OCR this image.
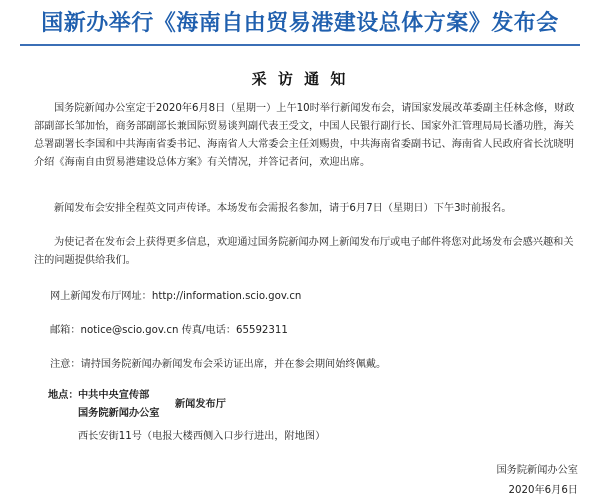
国新办举行《海南自由贸易港建设总体方案》发布会
采 访 通 知

国务院新闻办公室定于2020年6月8日（星期一）上午10时举行新闻发布会，请国家发展改革委副主任林念修，财政部副部长邹加怡，商务部副部长兼国际贸易谈判副代表王受文，中国人民银行副行长、国家外汇管理局局长潘功胜，海关总署副署长李国和中共海南省委书记、海南省人大常委会主任刘赐贵，中共海南省委副书记、海南省人民政府省长沈晓明介绍《海南自由贸易港建设总体方案》有关情况，并答记者问，欢迎出席。

新闻发布会安排全程英文同声传译。本场发布会需报名参加，请于6月7日（星期日）下午3时前报名。

为使记者在发布会上获得更多信息，欢迎通过国务院新闻办网上新闻发布厅或电子邮件将您对此场发布会感兴趣和关注的问题提供给我们。

网上新闻发布厅网址：http://information.scio.gov.cn
邮箱：notice@scio.gov.cn 传真/电话：65592311
注意：请持国务院新闻办新闻发布会采访证出席，并在参会期间始终佩戴。
地点： 中共中央宣传部
国务院新闻办公室
新闻发布厅
西长安街11号（电报大楼西侧入口步行进出，附地图）
国务院新闻办公室
2020年6月6日
